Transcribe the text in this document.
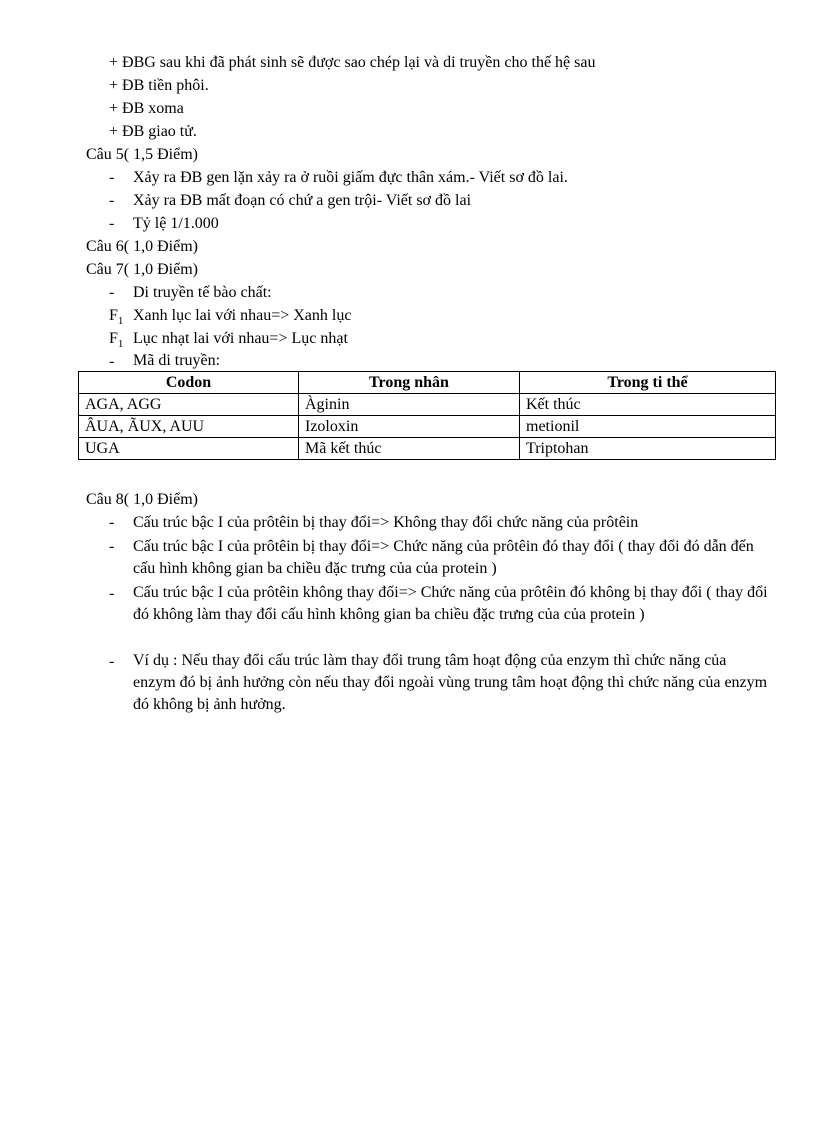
+ ĐBG sau khi đã phát sinh sẽ được sao chép lại và di truyền cho thế hệ sau
+ ĐB tiền phôi.
+ ĐB xoma
+ ĐB giao tử.
Câu 5( 1,5 Điểm)
- Xảy ra ĐB gen lặn xảy ra ở ruồi giấm đực thân xám.- Viết sơ đồ lai.
- Xảy ra ĐB mất đoạn có chứ a gen trội- Viết sơ đồ lai
- Tỷ lệ 1/1.000
Câu 6( 1,0 Điểm)
Câu 7( 1,0 Điểm)
- Di truyền tế bào chất:
$F_1$ Xanh lục lai với nhau=> Xanh lục
$F_1$ Lục nhạt lai với nhau=> Lục nhạt
- Mã di truyền:
Codon	Trong nhân	Trong ti thể
AGA, AGG	Àginin	Kết thúc
ÂUA, ÃUX, AUU	Izoloxin	metionil
UGA	Mã kết thúc	Triptohan
Câu 8( 1,0 Điểm)
- Cấu trúc bậc I của prôtêin bị thay đổi=> Không thay đổi chức năng của prôtêin
- Cấu trúc bậc I của prôtêin bị thay đổi=> Chức năng của prôtêin đó thay đổi ( thay đổi đó dẫn đến cấu hình không gian ba chiều đặc trưng của của protein )
- Cấu trúc bậc I của prôtêin không thay đổi=> Chức năng của prôtêin đó không bị thay đổi ( thay đổi đó không làm thay đổi cấu hình không gian ba chiều đặc trưng của của protein )
- Ví dụ : Nếu thay đổi cấu trúc làm thay đổi trung tâm hoạt động của enzym thì chức năng của enzym đó bị ảnh hưởng còn nếu thay đổi ngoài vùng trung tâm hoạt động thì chức năng của enzym đó không bị ảnh hưởng.
